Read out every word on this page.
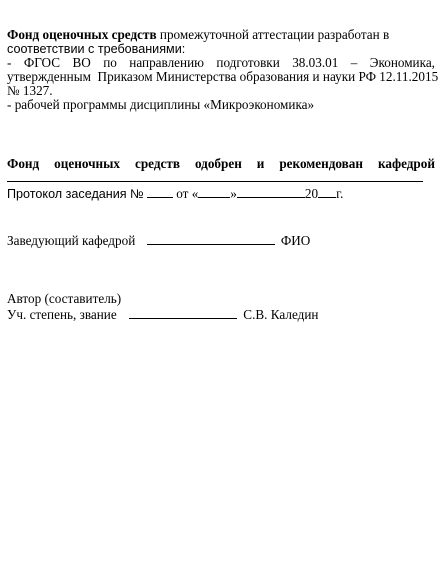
Фонд оценочных средств промежуточной аттестации разработан в
соответствии с требованиями:
- ФГОС ВО по направлению подготовки 38.03.01 – Экономика,
утвержденным  Приказом Министерства образования и науки РФ 12.11.2015
№ 1327.
- рабочей программы дисциплины «Микроэкономика»
Фонд оценочных средств одобрен и рекомендован кафедрой
Протокол заседания № от « »	20 г.
Заведующий кафедрой	ФИО
Автор (составитель)
Уч. степень, звание	С.В. Каледин
